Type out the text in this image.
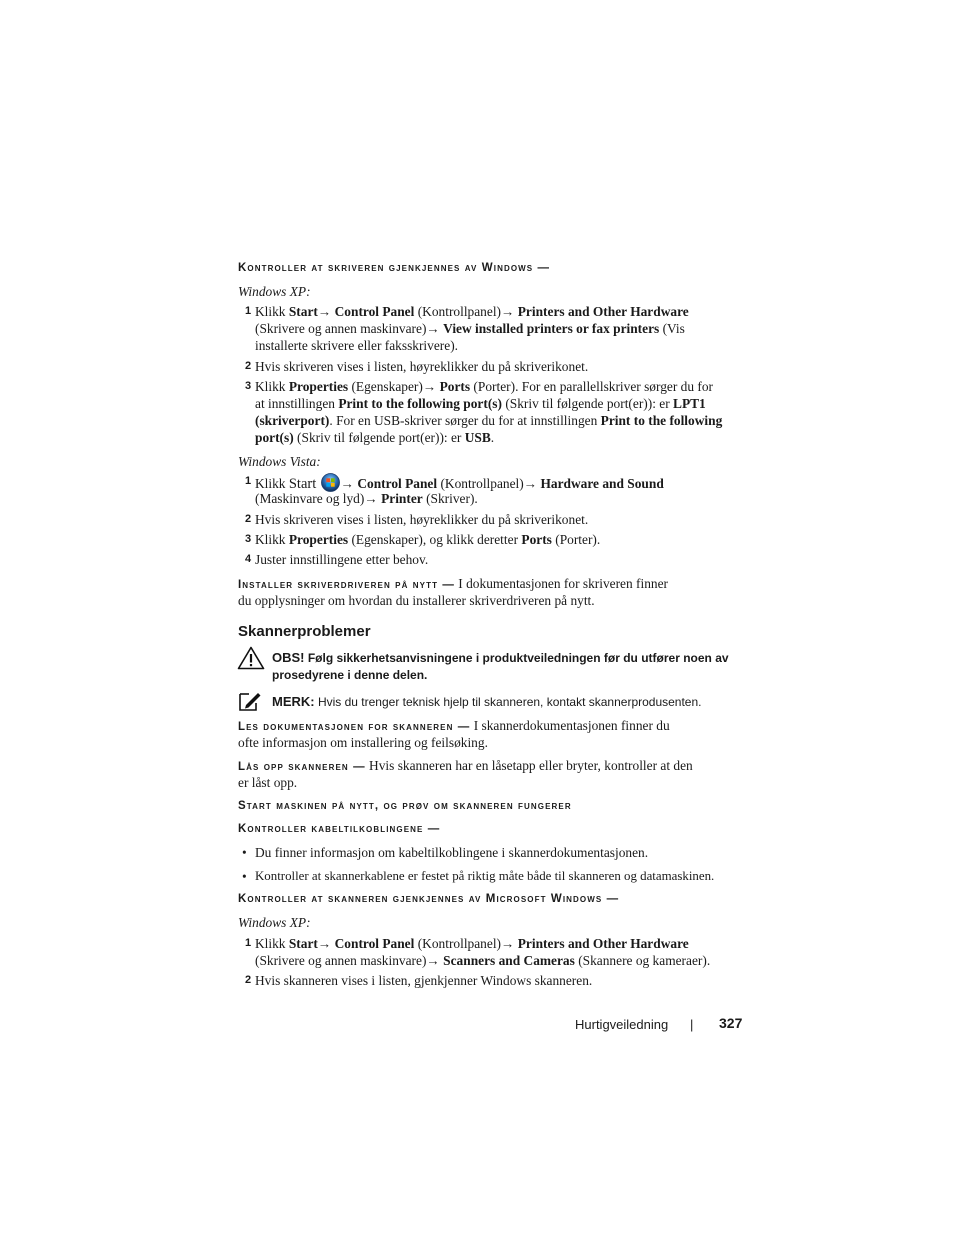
Kontroller at skriveren gjenkjennes av Windows —
Windows XP:
1 Klikk Start→ Control Panel (Kontrollpanel)→ Printers and Other Hardware
(Skrivere og annen maskinvare)→ View installed printers or fax printers (Vis
installerte skrivere eller faksskrivere).
2 Hvis skriveren vises i listen, høyreklikker du på skriverikonet.
3 Klikk Properties (Egenskaper)→ Ports (Porter). For en parallellskriver sørger du for
at innstillingen Print to the following port(s) (Skriv til følgende port(er)): er LPT1
(skriverport). For en USB-skriver sørger du for at innstillingen Print to the following
port(s) (Skriv til følgende port(er)): er USB.
Windows Vista:
1 Klikk Start → Control Panel (Kontrollpanel)→ Hardware and Sound
(Maskinvare og lyd)→ Printer (Skriver).
2 Hvis skriveren vises i listen, høyreklikker du på skriverikonet.
3 Klikk Properties (Egenskaper), og klikk deretter Ports (Porter).
4 Juster innstillingene etter behov.
Installer skriverdriveren på nytt — I dokumentasjonen for skriveren finner
du opplysninger om hvordan du installerer skriverdriveren på nytt.
Skannerproblemer
OBS! Følg sikkerhetsanvisningene i produktveiledningen før du utfører noen av
prosedyrene i denne delen.
MERK: Hvis du trenger teknisk hjelp til skanneren, kontakt skannerprodusenten.
Les dokumentasjonen for skanneren — I skannerdokumentasjonen finner du
ofte informasjon om installering og feilsøking.
Lås opp skanneren — Hvis skanneren har en låsetapp eller bryter, kontroller at den
er låst opp.
Start maskinen på nytt, og prøv om skanneren fungerer
Kontroller kabeltilkoblingene —
• Du finner informasjon om kabeltilkoblingene i skannerdokumentasjonen.
• Kontroller at skannerkablene er festet på riktig måte både til skanneren og datamaskinen.
Kontroller at skanneren gjenkjennes av Microsoft Windows —
Windows XP:
1 Klikk Start→ Control Panel (Kontrollpanel)→ Printers and Other Hardware
(Skrivere og annen maskinvare)→ Scanners and Cameras (Skannere og kameraer).
2 Hvis skanneren vises i listen, gjenkjenner Windows skanneren.
Hurtigveiledning | 327
